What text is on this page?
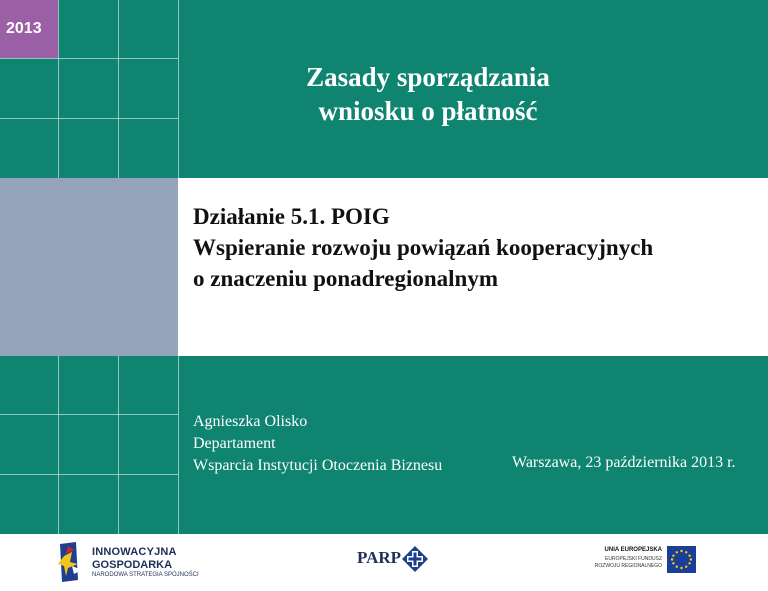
2013
Zasady sporządzania
wniosku o płatność
Działanie 5.1. POIG
Wspieranie rozwoju powiązań kooperacyjnych
o znaczeniu ponadregionalnym
Agnieszka Olisko
Departament
Wsparcia Instytucji Otoczenia Biznesu	Warszawa, 23 października 2013 r.
INNOWACYJNA
GOSPODARKA
NARODOWA STRATEGIA SPÓJNOŚCI
PARP	UNIA EUROPEJSKA
EUROPEJSKI FUNDUSZ
ROZWOJU REGIONALNEGO
